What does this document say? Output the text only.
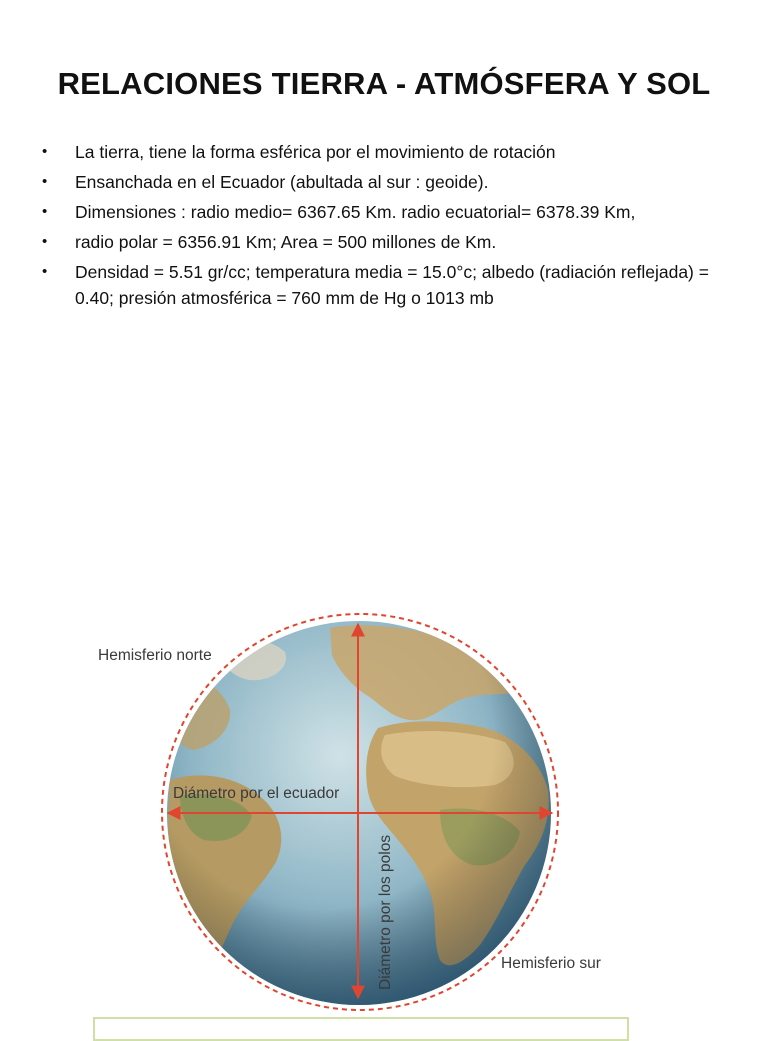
RELACIONES TIERRA - ATMÓSFERA Y SOL
• La tierra, tiene la forma esférica por el movimiento de rotación
• Ensanchada en el Ecuador (abultada al sur : geoide).
• Dimensiones : radio medio= 6367.65 Km. radio ecuatorial= 6378.39 Km,
• radio polar = 6356.91 Km; Area = 500 millones de Km.
• Densidad = 5.51 gr/cc; temperatura media = 15.0°c; albedo (radiación reflejada) = 0.40; presión atmosférica = 760 mm de Hg o 1013 mb
Hemisferio norte
Diámetro por el ecuador
Diámetro por los polos	Hemisferio sur
